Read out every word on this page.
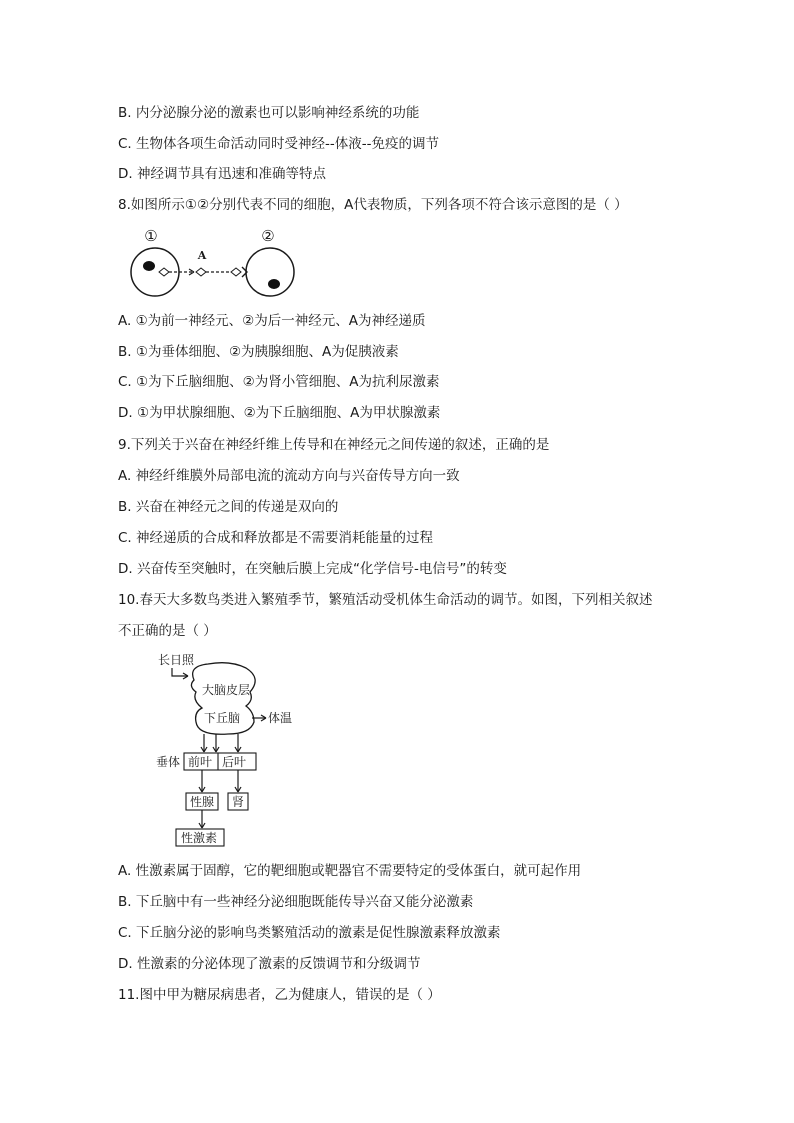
B. 内分泌腺分泌的激素也可以影响神经系统的功能
C. 生物体各项生命活动同时受神经--体液--免疫的调节
D. 神经调节具有迅速和准确等特点
8.如图所示①②分别代表不同的细胞，A代表物质，下列各项不符合该示意图的是（ ）
①	②
A
A. ①为前一神经元、②为后一神经元、A为神经递质
B. ①为垂体细胞、②为胰腺细胞、A为促胰液素
C. ①为下丘脑细胞、②为肾小管细胞、A为抗利尿激素
D. ①为甲状腺细胞、②为下丘脑细胞、A为甲状腺激素
9.下列关于兴奋在神经纤维上传导和在神经元之间传递的叙述，正确的是
A. 神经纤维膜外局部电流的流动方向与兴奋传导方向一致
B. 兴奋在神经元之间的传递是双向的
C. 神经递质的合成和释放都是不需要消耗能量的过程
D. 兴奋传至突触时，在突触后膜上完成“化学信号-电信号”的转变
10.春天大多数鸟类进入繁殖季节，繁殖活动受机体生命活动的调节。如图，下列相关叙述
不正确的是（ ）
长日照
大脑皮层
下丘脑 体温
垂体 前叶 后叶
性腺 肾
性激素
A. 性激素属于固醇，它的靶细胞或靶器官不需要特定的受体蛋白，就可起作用
B. 下丘脑中有一些神经分泌细胞既能传导兴奋又能分泌激素
C. 下丘脑分泌的影响鸟类繁殖活动的激素是促性腺激素释放激素
D. 性激素的分泌体现了激素的反馈调节和分级调节
11.图中甲为糖尿病患者，乙为健康人，错误的是（ ）
